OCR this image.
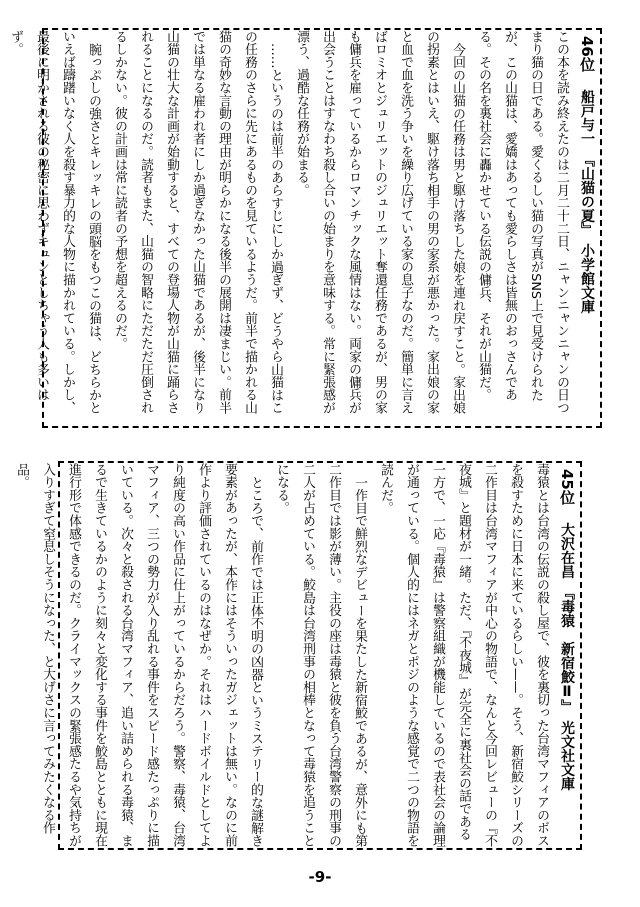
46位　船戸与一　『山猫の夏』　小学館文庫
この本を読み終えたのは二月二十二日、ニャンニャンニャンの日つまり猫の日である。愛くるしい猫の写真がSNS上で見受けられたが、この山猫は、愛嬌はあっても愛らしさは皆無のおっさんである。その名を裏社会に轟かせている伝説の傭兵、それが山猫だ。
今回の山猫の任務は男と駆け落ちした娘を連れ戻すこと。家出娘の拐素とはいえ、駆け落ち相手の男の家系が悪かった。家出娘の家と血で血を洗う争いを繰り広げている家の息子なのだ。簡単に言えばロミオとジュリエットのジュリエット奪還任務であるが、男の家も傭兵を雇っているからロマンチックな風情はない。両家の傭兵が出会うことはすなわち殺し合いの始まりを意味する。常に緊張感が漂う、過酷な任務が始まる。
……というのは前半のあらすじにしか過ぎず、どうやら山猫はこの任務のさらに先にあるものを見ているようだ。前半で描かれる山猫の奇妙な言動の理由が明らかになる後半の展開は凄まじい。前半では単なる雇われ者にしか過ぎなかった山猫であるが、後半になり山猫の壮大な計画が始動すると、すべての登場人物が山猫に踊らされることになるのだ。読者もまた、山猫の智略にただただ圧倒されるしかない。彼の計画は常に読者の予想を超えるのだ。
腕っぷしの強さとキレッキレの頭脳をもつこの猫は、どちらかといえば躊躇いなく人を殺す暴力的な人物に描かれている。しかし、最後に明かされる彼の秘密に思わずキュンとしちゃう人も多いはず。
45位　大沢在昌　『毒猿　新宿鮫Ⅱ』　光文社文庫
毒猿とは台湾の伝説の殺し屋で、彼を裏切った台湾マフィアのボスを殺すために日本に来ているらしい——。そう、新宿鮫シリーズの二作目は台湾マフィアが中心の物語で、なんと今回レビューの『不夜城』と題材が一緒。ただ、『不夜城』が完全に裏社会の話である一方で、一応『毒猿』は警察組織が機能しているので表社会の論理が通っている。個人的にはネガとポジのような感覚で二つの物語を読んだ。
一作目で鮮烈なデビューを果たした新宿鮫であるが、意外にも第二作目では影が薄い。主役の座は毒猿と彼を負う台湾警察の刑事の二人が占めている。鮫島は台湾刑事の相棒となって毒猿を追うことになる。
ところで、前作では正体不明の凶器というミステリー的な謎解き要素があったが、本作にはそういったガジェットは無い。なのに前作より評価されているのはなぜか。それはハードボイルドとしてより純度の高い作品に仕上がっているからだろう。警察、毒猿、台湾マフィア、三つの勢力が入り乱れる事件をスピード感たっぷりに描いている。次々と殺される台湾マフィア、追い詰められる毒猿、まるで生きているかのように刻々と変化する事件を鮫島とともに現在進行形で体感できるのだ。クライマックスの緊張感たるや気持ちが入りすぎて窒息しそうになった、と大げさに言ってみたくなる作品。
-9-
